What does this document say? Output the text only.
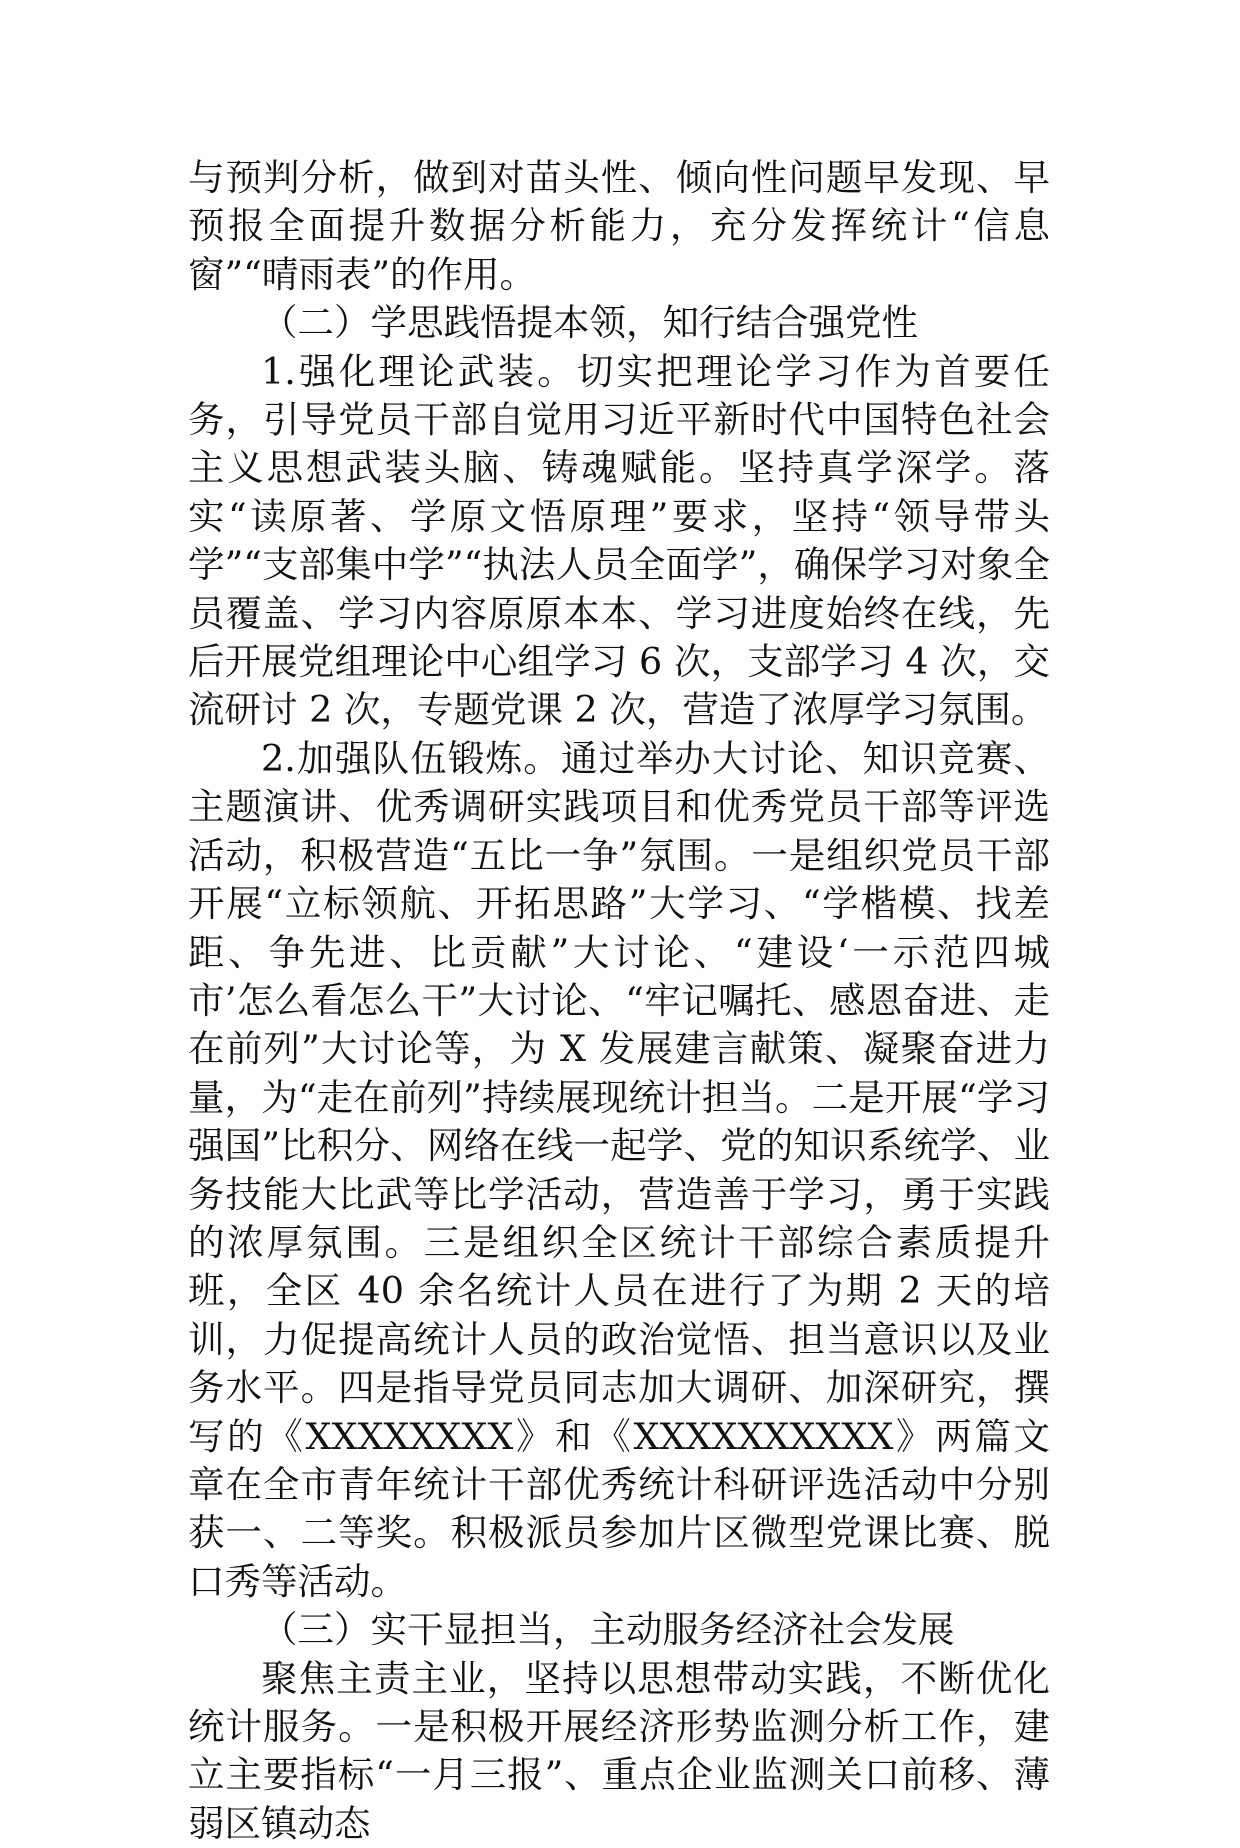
与预判分析，做到对苗头性、倾向性问题早发现、早预报全面提升数据分析能力，充分发挥统计“信息窗”“晴雨表”的作用。

（二）学思践悟提本领，知行结合强党性

1.强化理论武装。切实把理论学习作为首要任务，引导党员干部自觉用习近平新时代中国特色社会主义思想武装头脑、铸魂赋能。坚持真学深学。落实“读原著、学原文悟原理”要求，坚持“领导带头学”“支部集中学”“执法人员全面学”，确保学习对象全员覆盖、学习内容原原本本、学习进度始终在线，先后开展党组理论中心组学习 6 次，支部学习 4 次，交流研讨 2 次，专题党课 2 次，营造了浓厚学习氛围。

2.加强队伍锻炼。通过举办大讨论、知识竞赛、主题演讲、优秀调研实践项目和优秀党员干部等评选活动，积极营造“五比一争”氛围。一是组织党员干部开展“立标领航、开拓思路”大学习、“学楷模、找差距、争先进、比贡献”大讨论、“建设‘一示范四城市’怎么看怎么干”大讨论、“牢记嘱托、感恩奋进、走在前列”大讨论等，为 X 发展建言献策、凝聚奋进力量，为“走在前列”持续展现统计担当。二是开展“学习强国”比积分、网络在线一起学、党的知识系统学、业务技能大比武等比学活动，营造善于学习，勇于实践的浓厚氛围。三是组织全区统计干部综合素质提升班，全区 40 余名统计人员在进行了为期 2 天的培训，力促提高统计人员的政治觉悟、担当意识以及业务水平。四是指导党员同志加大调研、加深研究，撰写的《XXXXXXXX》和《XXXXXXXXXX》两篇文章在全市青年统计干部优秀统计科研评选活动中分别获一、二等奖。积极派员参加片区微型党课比赛、脱口秀等活动。

（三）实干显担当，主动服务经济社会发展

聚焦主责主业，坚持以思想带动实践，不断优化统计服务。一是积极开展经济形势监测分析工作，建立主要指标“一月三报”、重点企业监测关口前移、薄弱区镇动态
